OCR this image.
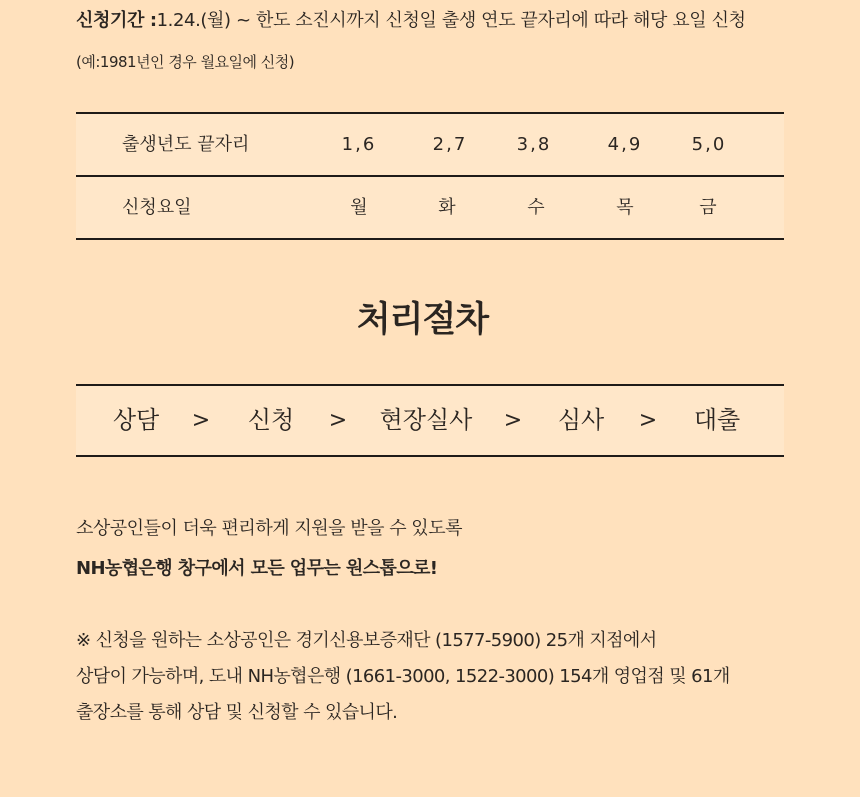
신청기간 :1.24.(월) ~ 한도 소진시까지 신청일 출생 연도 끝자리에 따라 해당 요일 신청
(예:1981년인 경우 월요일에 신청)
출생년도 끝자리	1,6	2,7	3,8	4,9	5,0
신청요일	월	화	수	목	금
처리절차
상담 > 신청 > 현장실사 > 심사 > 대출
소상공인들이 더욱 편리하게 지원을 받을 수 있도록
NH농협은행 창구에서 모든 업무는 원스톱으로!
※ 신청을 원하는 소상공인은 경기신용보증재단 (1577-5900) 25개 지점에서
상담이 가능하며, 도내 NH농협은행 (1661-3000, 1522-3000) 154개 영업점 및 61개
출장소를 통해 상담 및 신청할 수 있습니다.
